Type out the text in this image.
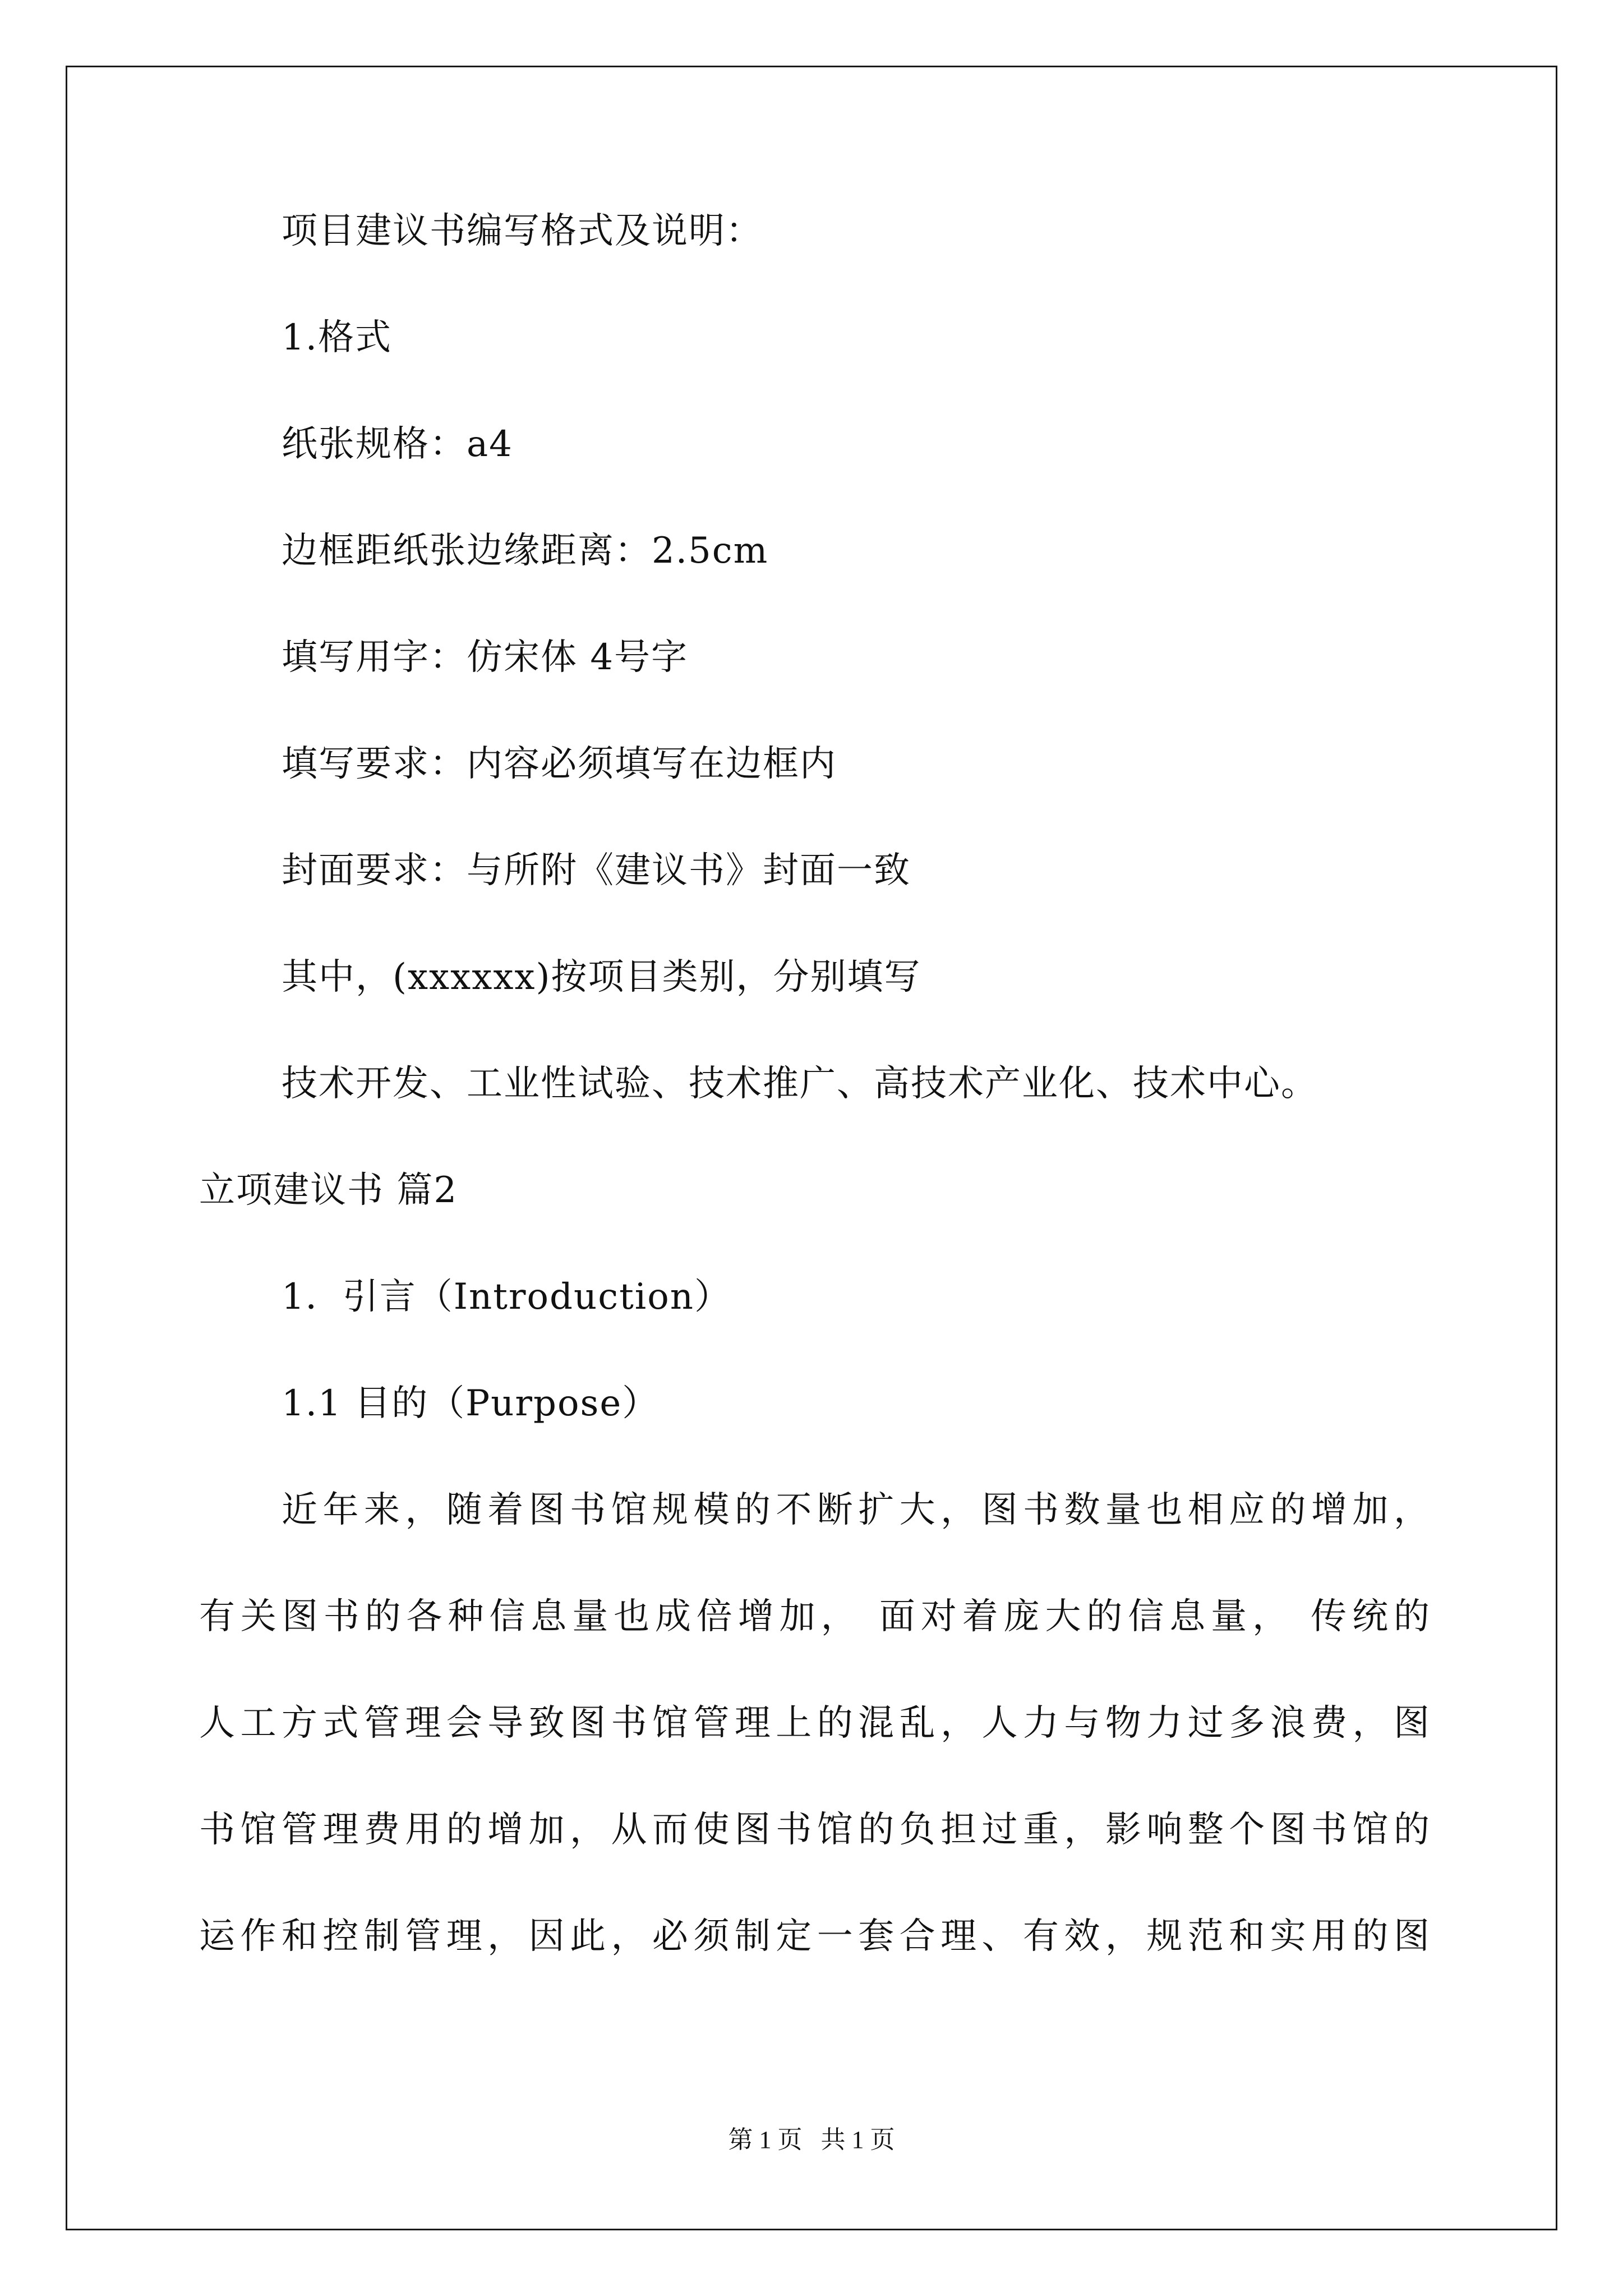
项目建议书编写格式及说明：
1.格式
纸张规格：a4
边框距纸张边缘距离：2.5cm
填写用字：仿宋体 4号字
填写要求：内容必须填写在边框内
封面要求：与所附《建议书》封面一致
其中，(xxxxxx)按项目类别，分别填写
技术开发、工业性试验、技术推广、高技术产业化、技术中心。
立项建议书 篇2
1．引言（Introduction）
1.1 目的（Purpose）
近年来，随着图书馆规模的不断扩大，图书数量也相应的增加，
有关图书的各种信息量也成倍增加， 面对着庞大的信息量， 传统的
人工方式管理会导致图书馆管理上的混乱，人力与物力过多浪费，图
书馆管理费用的增加，从而使图书馆的负担过重，影响整个图书馆的
运作和控制管理，因此，必须制定一套合理、有效，规范和实用的图
第 1 页   共 1 页
